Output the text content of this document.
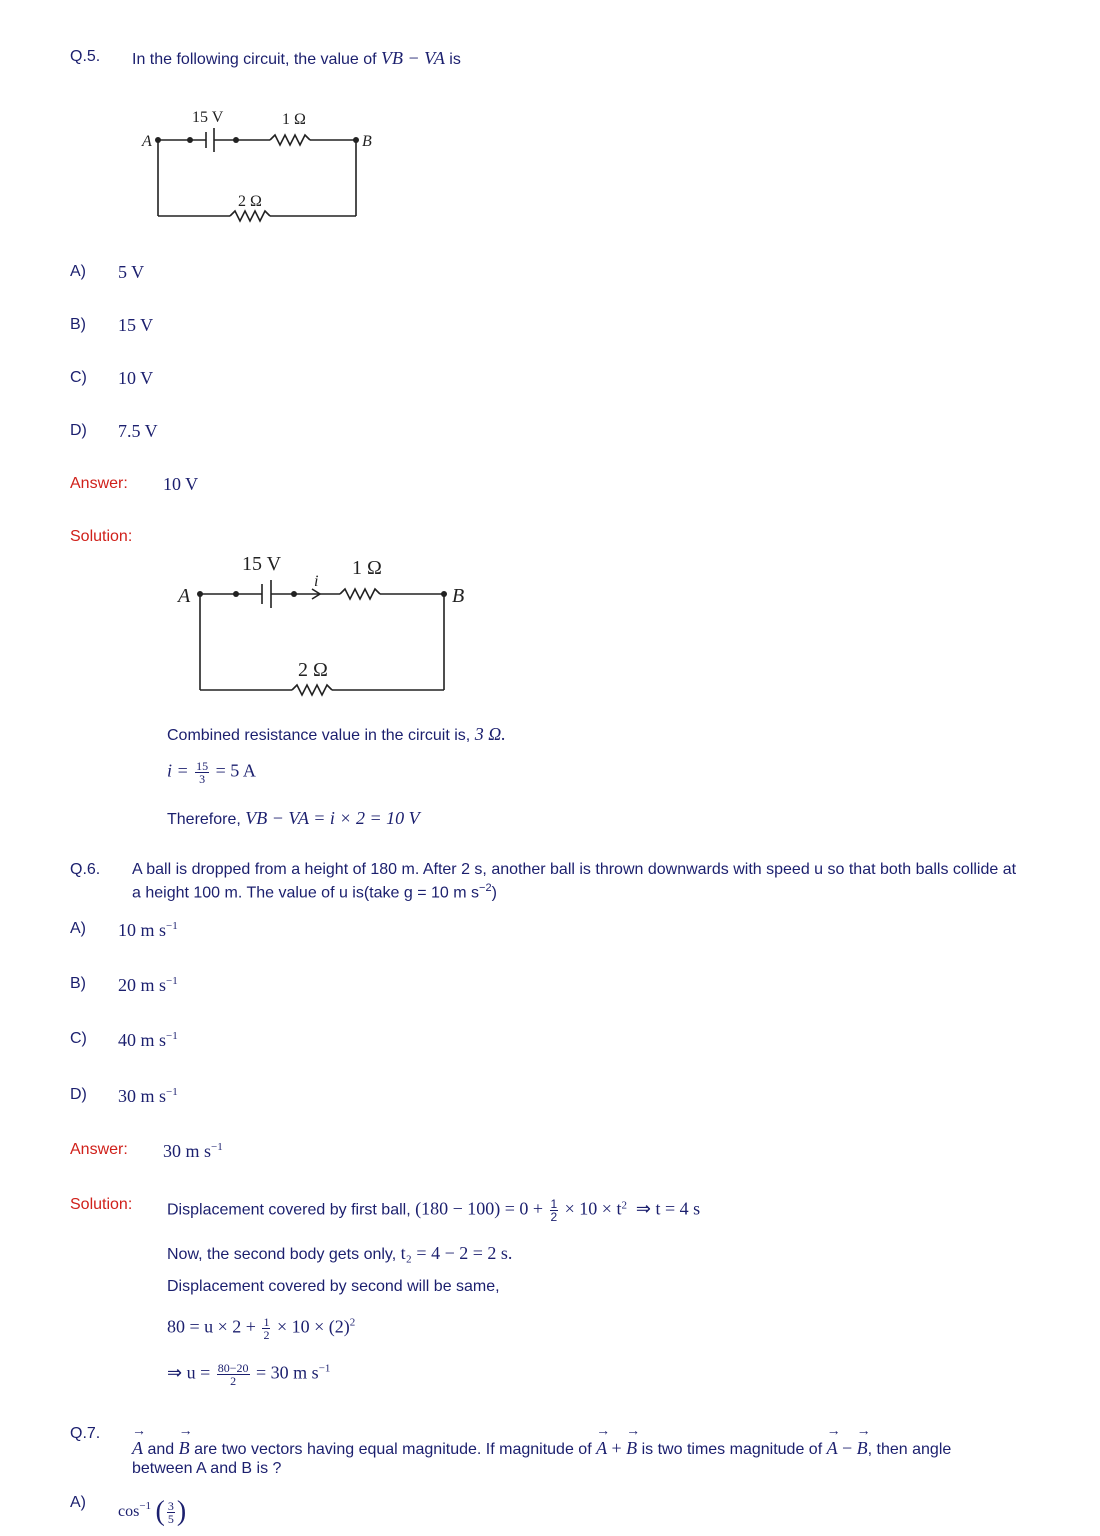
Q.5. In the following circuit, the value of VB − VA is
15 V	1 Ω
A	B
2 Ω
A) 5 V
B) 15 V
C) 10 V
D) 7.5 V
Answer: 10 V
Solution:
15 V	1 Ω
i
A	B
2 Ω
Combined resistance value in the circuit is, 3 Ω.
$i = \frac{15}{3} = 5$ A
Therefore, VB − VA = i × 2 = 10 V
Q.6. A ball is dropped from a height of 180 m. After 2 s, another ball is thrown downwards with speed u so that both balls collide at
a height 100 m. The value of u is(take g = 10 m $s^{-2}$)
A) 10 m $s^{-1}$
B) 20 m $s^{-1}$
C) 40 m $s^{-1}$
D) 30 m $s^{-1}$
Answer: 30 m $s^{-1}$
Solution: Displacement covered by first ball, $(180 - 100) = 0 + \frac{1}{2} \times 10 \times t^2$ ⇒ t = 4 s
Now, the second body gets only, t₂ = 4 − 2 = 2 s.
Displacement covered by second will be same,
$80 = u \times 2 + \frac{1}{2} \times 10 \times (2)^2$
⇒ $u = \frac{80-20}{2} = 30$ m $s^{-1}$
Q.7.
→ A and → B are two vectors having equal magnitude. If magnitude of → A + → B is two times magnitude of → A − → B, then angle
between A and B is ?
A)
$\cos^{-1}$ ( $\frac{3}{5}$ )
